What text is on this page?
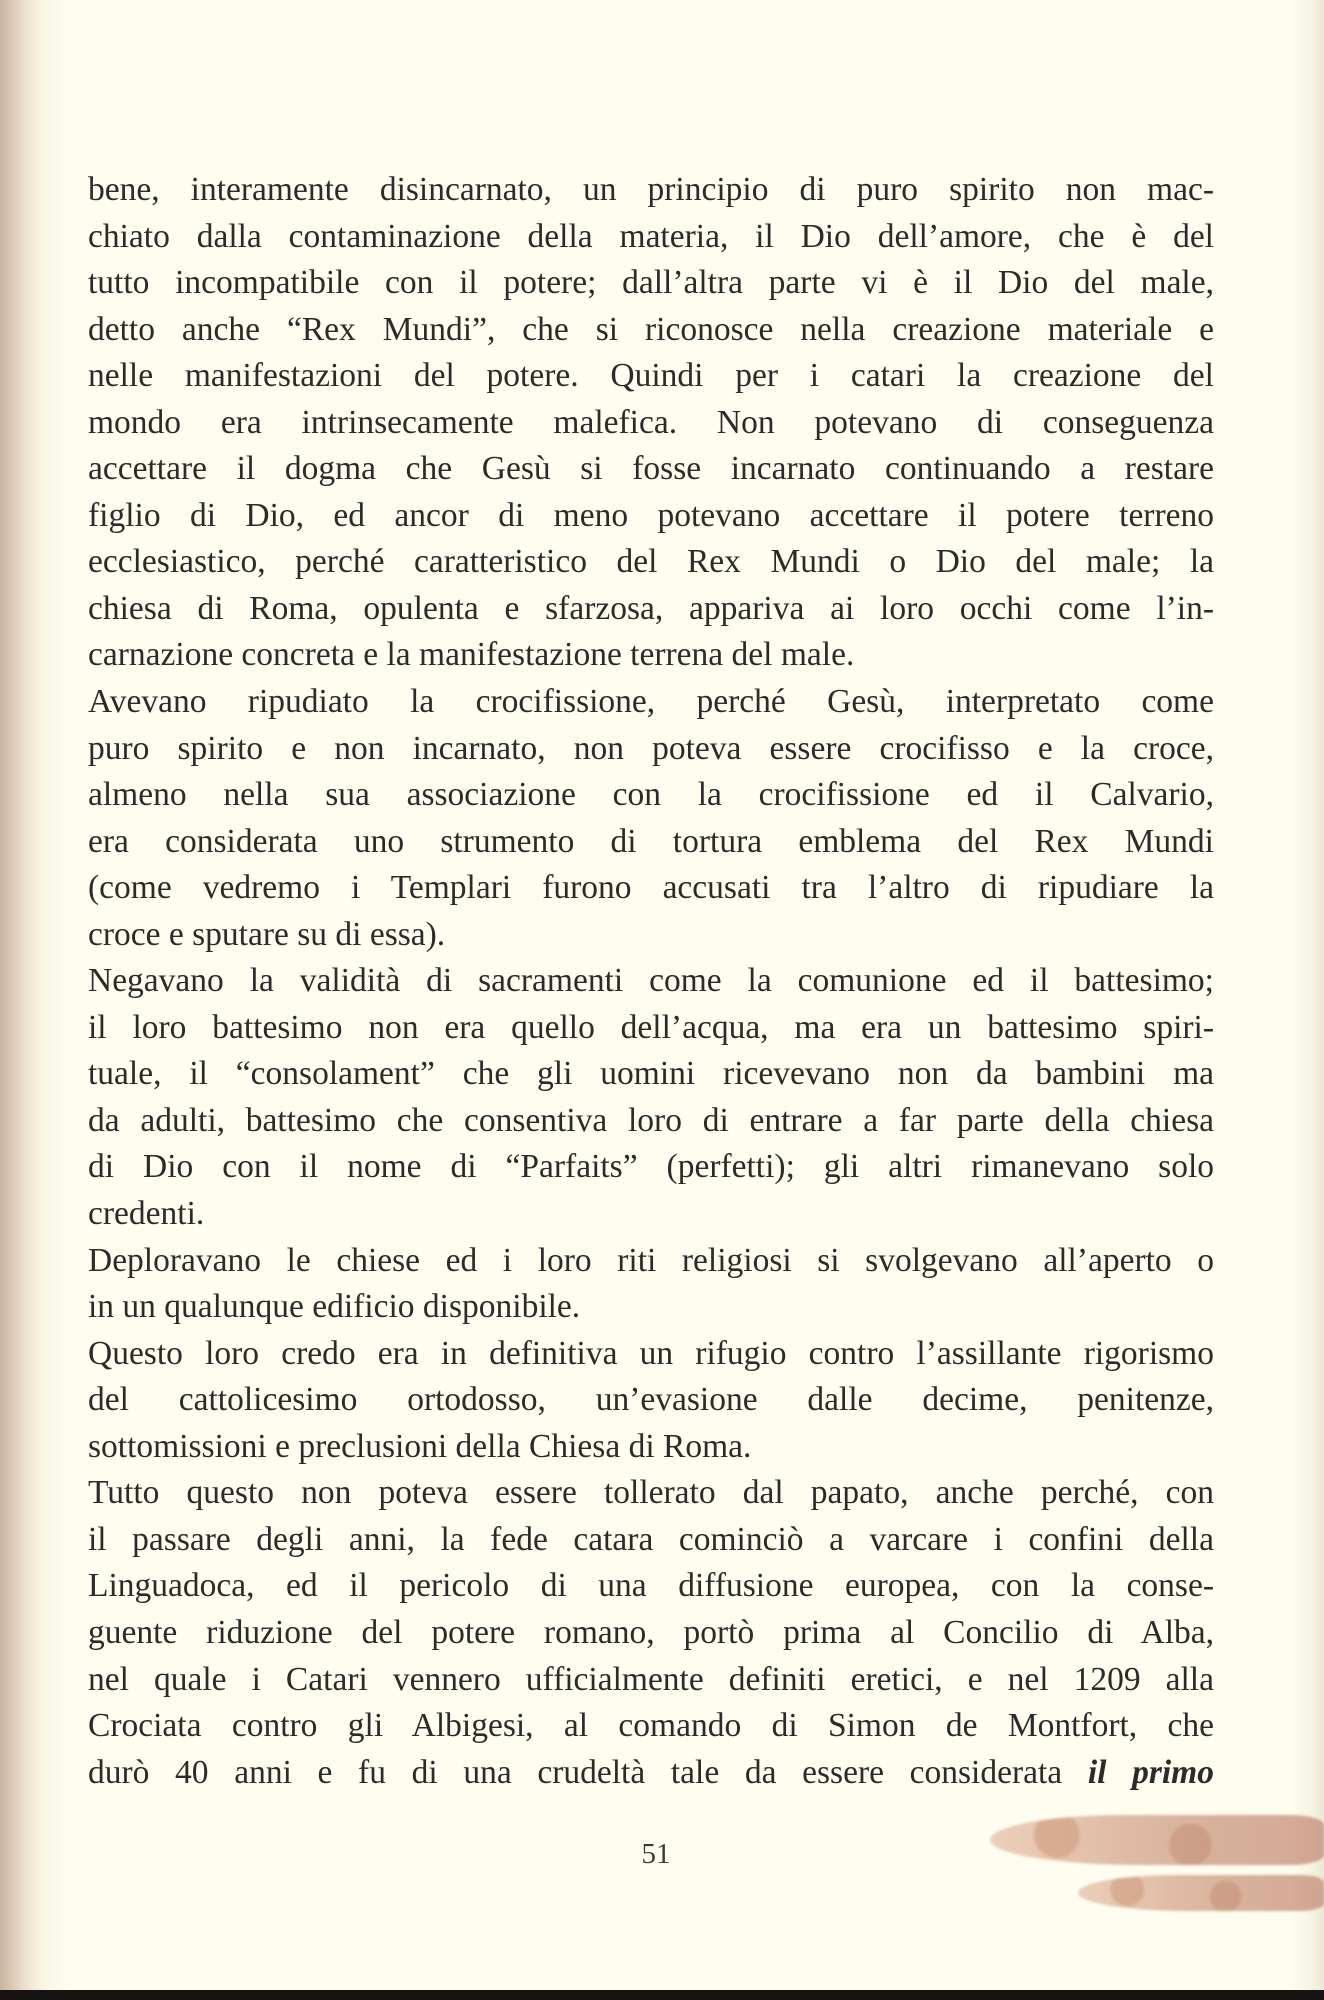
bene, interamente disincarnato, un principio di puro spirito non mac-
chiato dalla contaminazione della materia, il Dio dell’amore, che è del
tutto incompatibile con il potere; dall’altra parte vi è il Dio del male,
detto anche “Rex Mundi”, che si riconosce nella creazione materiale e
nelle manifestazioni del potere. Quindi per i catari la creazione del
mondo era intrinsecamente malefica. Non potevano di conseguenza
accettare il dogma che Gesù si fosse incarnato continuando a restare
figlio di Dio, ed ancor di meno potevano accettare il potere terreno
ecclesiastico, perché caratteristico del Rex Mundi o Dio del male; la
chiesa di Roma, opulenta e sfarzosa, appariva ai loro occhi come l’in-
carnazione concreta e la manifestazione terrena del male.
Avevano ripudiato la crocifissione, perché Gesù, interpretato come
puro spirito e non incarnato, non poteva essere crocifisso e la croce,
almeno nella sua associazione con la crocifissione ed il Calvario,
era considerata uno strumento di tortura emblema del Rex Mundi
(come vedremo i Templari furono accusati tra l’altro di ripudiare la
croce e sputare su di essa).
Negavano la validità di sacramenti come la comunione ed il battesimo;
il loro battesimo non era quello dell’acqua, ma era un battesimo spiri-
tuale, il “consolament” che gli uomini ricevevano non da bambini ma
da adulti, battesimo che consentiva loro di entrare a far parte della chiesa
di Dio con il nome di “Parfaits” (perfetti); gli altri rimanevano solo
credenti.
Deploravano le chiese ed i loro riti religiosi si svolgevano all’aperto o
in un qualunque edificio disponibile.
Questo loro credo era in definitiva un rifugio contro l’assillante rigorismo
del cattolicesimo ortodosso, un’evasione dalle decime, penitenze,
sottomissioni e preclusioni della Chiesa di Roma.
Tutto questo non poteva essere tollerato dal papato, anche perché, con
il passare degli anni, la fede catara cominciò a varcare i confini della
Linguadoca, ed il pericolo di una diffusione europea, con la conse-
guente riduzione del potere romano, portò prima al Concilio di Alba,
nel quale i Catari vennero ufficialmente definiti eretici, e nel 1209 alla
Crociata contro gli Albigesi, al comando di Simon de Montfort, che
durò 40 anni e fu di una crudeltà tale da essere considerata il primo
51
